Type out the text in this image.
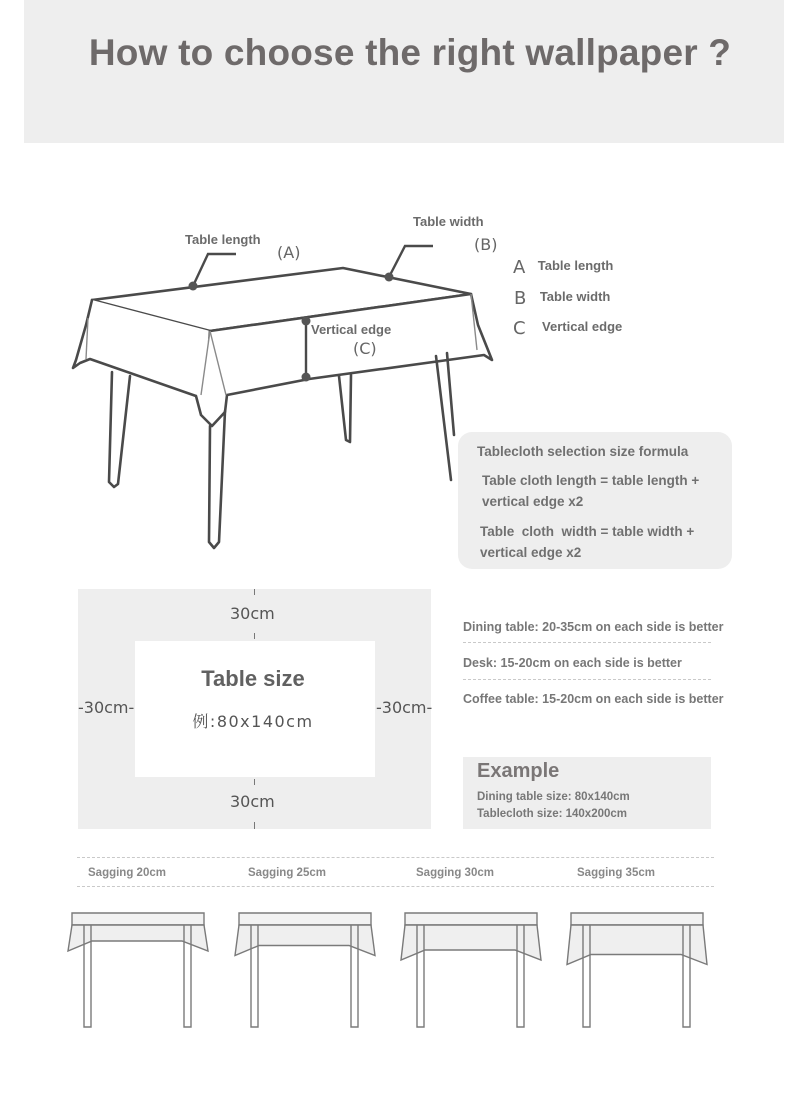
How to choose the right wallpaper ?
Table length
(A)
Table width
(B)
Vertical edge
(C)
A Table length
B Table width
C Vertical edge
Tablecloth selection size formula
Table cloth length = table length +
vertical edge x2
Table  cloth  width = table width +
vertical edge x2
30cm
30cm
-30cm-	-30cm-
Table size
例:80x140cm
Dining table: 20-35cm on each side is better
Desk: 15-20cm on each side is better
Coffee table: 15-20cm on each side is better
Example
Dining table size: 80x140cm
Tablecloth size: 140x200cm
Sagging 20cm	Sagging 25cm	Sagging 30cm	Sagging 35cm
